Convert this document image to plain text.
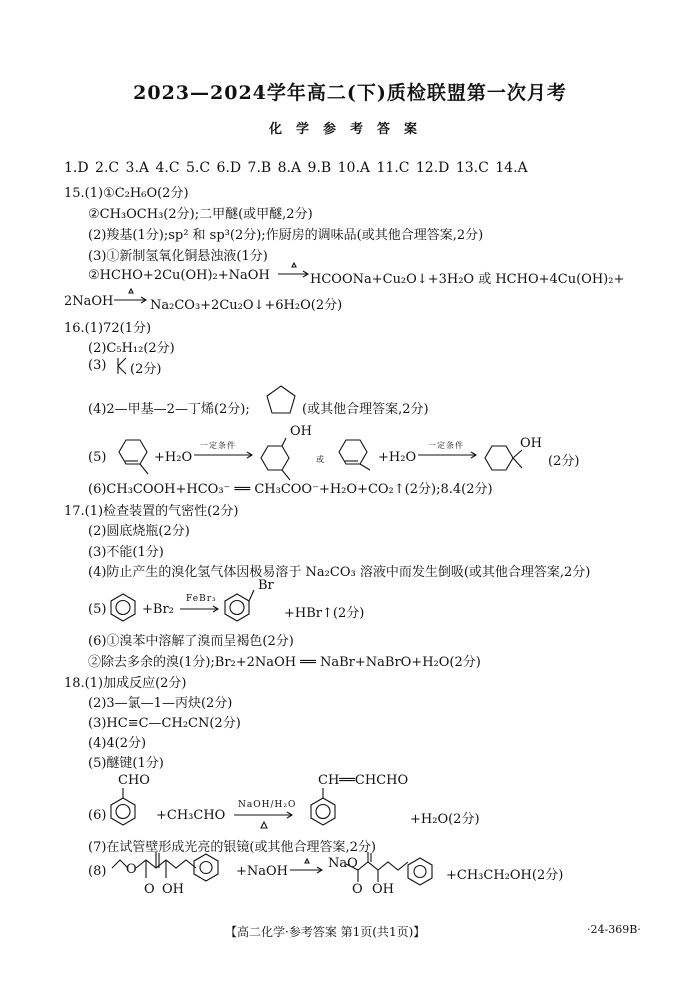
2023—2024学年高二(下)质检联盟第一次月考
化学参考答案
1.D 2.C 3.A 4.C 5.C 6.D 7.B 8.A 9.B 10.A 11.C 12.D 13.C 14.A
15.(1)①C₂H₆O(2分)
②CH₃OCH₃(2分);二甲醚(或甲醚,2分)
(2)羧基(1分);sp² 和 sp³(2分);作厨房的调味品(或其他合理答案,2分)
(3)①新制氢氧化铜悬浊液(1分)
②HCHO+2Cu(OH)₂+NaOH	HCOONa+Cu₂O↓+3H₂O 或 HCHO+4Cu(OH)₂+
2NaOH	Na₂CO₃+2Cu₂O↓+6H₂O(2分)
16.(1)72(1分)
(2)C₅H₁₂(2分)
(3) (2分)
(4)2—甲基—2—丁烯(2分);	(或其他合理答案,2分)
(5)	+H₂O
一定条件
OH
或	+H₂O
一定条件	OH
(2分)
(6)CH₃COOH+HCO₃⁻ ══ CH₃COO⁻+H₂O+CO₂↑(2分);8.4(2分)
17.(1)检查装置的气密性(2分)
(2)圆底烧瓶(2分)
(3)不能(1分)
(4)防止产生的溴化氢气体因极易溶于 Na₂CO₃ 溶液中而发生倒吸(或其他合理答案,2分)
(5)	+Br₂
FeBr₃
Br
+HBr↑(2分)
(6)①溴苯中溶解了溴而呈褐色(2分)
②除去多余的溴(1分);Br₂+2NaOH ══ NaBr+NaBrO+H₂O(2分)
18.(1)加成反应(2分)
(2)3—氯—1—丙炔(2分)
(3)HC≡C—CH₂CN(2分)
(4)4(2分)
(5)醚键(1分)
(6)
CHO
+CH₃CHO
NaOH/H₂O
CH══CHCHO
+H₂O(2分)
(7)在试管壁形成光亮的银镜(或其他合理答案,2分)
(8) O
O OH
+NaOH
NaO
O OH
+CH₃CH₂OH(2分)
【高二化学·参考答案 第1页(共1页)】	·24-369B·
